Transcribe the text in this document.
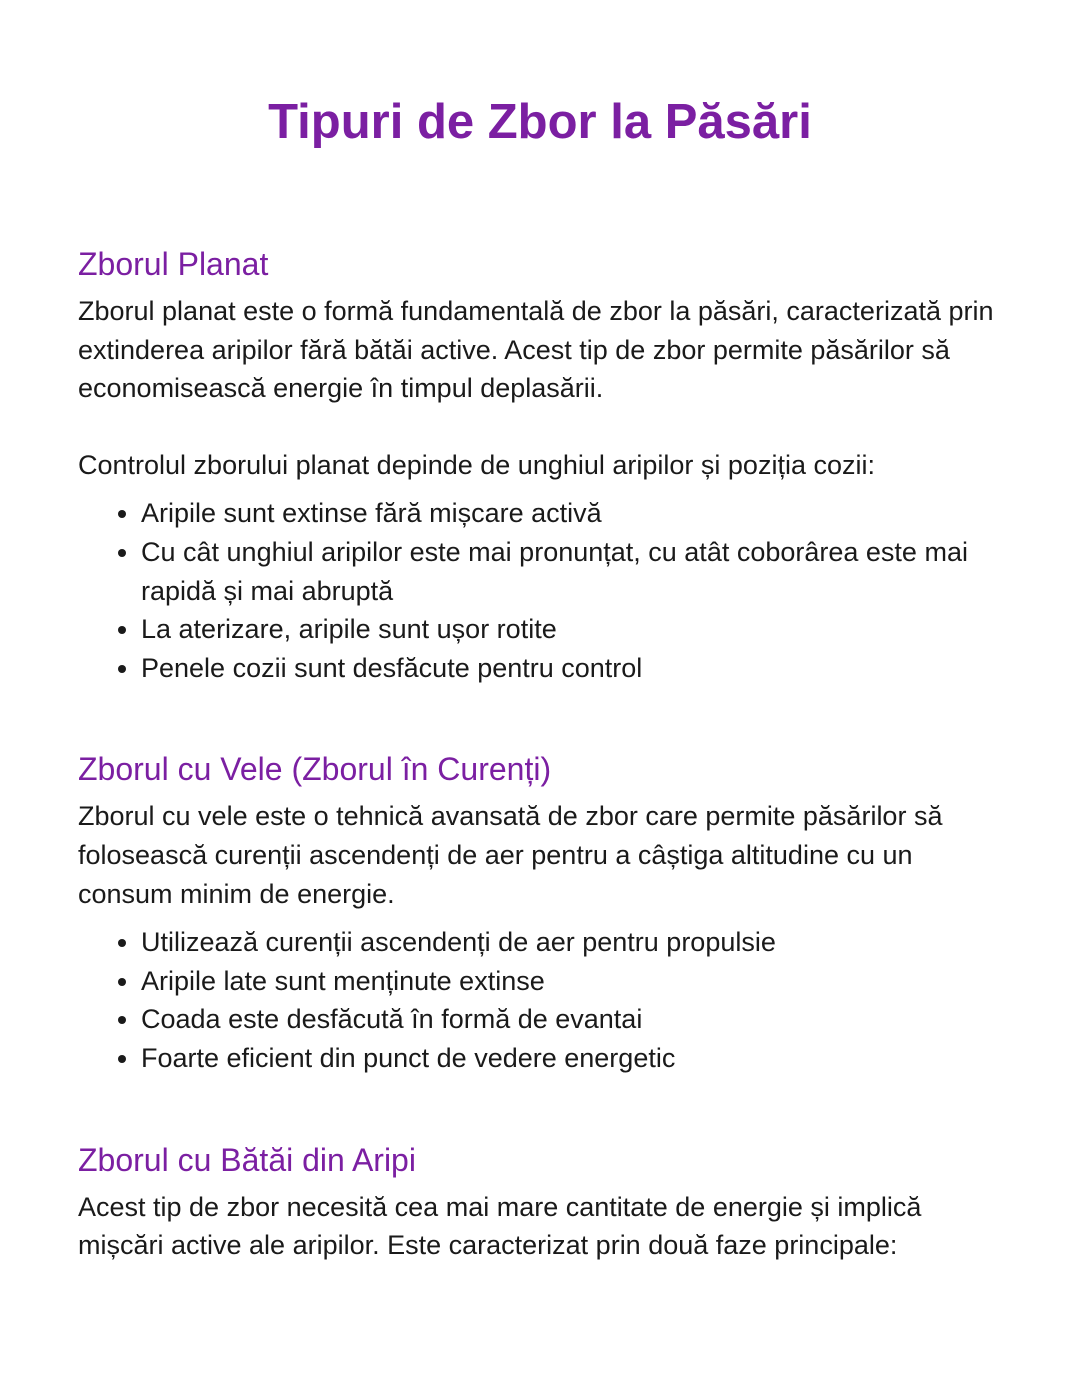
Tipuri de Zbor la Păsări
Zborul Planat

Zborul planat este o formă fundamentală de zbor la păsări, caracterizată prin extinderea aripilor fără bătăi active. Acest tip de zbor permite păsărilor să economisească energie în timpul deplasării.

Controlul zborului planat depinde de unghiul aripilor și poziția cozii:

• Aripile sunt extinse fără mișcare activă
• Cu cât unghiul aripilor este mai pronunțat, cu atât coborârea este mai rapidă și mai abruptă
• La aterizare, aripile sunt ușor rotite
• Penele cozii sunt desfăcute pentru control
Zborul cu Vele (Zborul în Curenți)

Zborul cu vele este o tehnică avansată de zbor care permite păsărilor să folosească curenții ascendenți de aer pentru a câștiga altitudine cu un consum minim de energie.

• Utilizează curenții ascendenți de aer pentru propulsie
• Aripile late sunt menținute extinse
• Coada este desfăcută în formă de evantai
• Foarte eficient din punct de vedere energetic
Zborul cu Bătăi din Aripi

Acest tip de zbor necesită cea mai mare cantitate de energie și implică mișcări active ale aripilor. Este caracterizat prin două faze principale:
